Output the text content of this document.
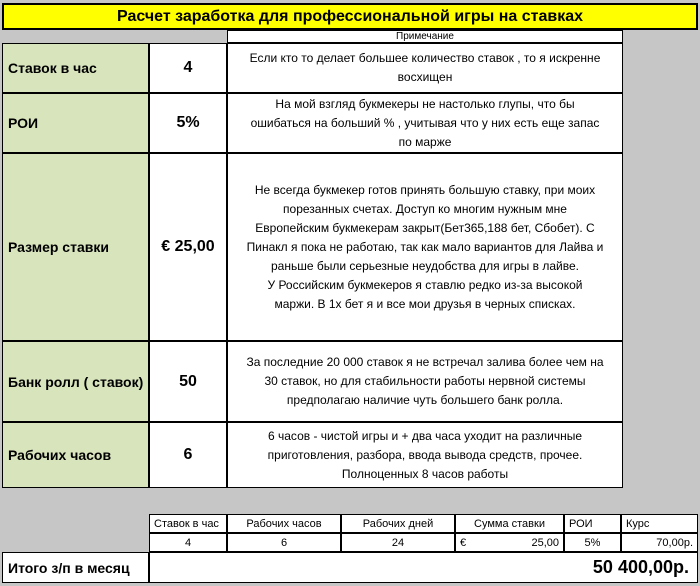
Расчет заработка для профессиональной игры на ставках
Примечание
Ставок в час	4
Если кто то делает большее количество ставок , то я искренне
восхищен
РОИ	5%
На мой взгляд букмекеры не настолько глупы, что бы
ошибаться на больший % , учитывая что у них есть еще запас
по марже
Размер ставки	€ 25,00
Не всегда букмекер готов принять большую ставку, при моих
порезанных счетах. Доступ ко многим нужным мне
Европейским букмекерам закрыт(Бет365,188 бет, Сбобет). С
Пинакл я пока не работаю, так как мало вариантов для Лайва и
раньше были серьезные неудобства для игры в лайве.
У Российским букмекеров я ставлю редко из-за высокой
маржи. В 1х бет я и все мои друзья в черных списках.
Банк ролл ( ставок)	50
За последние 20 000 ставок я не встречал залива более чем на
30 ставок, но для стабильности работы нервной системы
предполагаю наличие чуть большего банк ролла.
Рабочих часов	6
6 часов - чистой игры и + два часа уходит на различные
приготовления, разбора, ввода вывода средств, прочее.
Полноценных 8 часов работы
Ставок в час	Рабочих часов	Рабочих дней	Сумма ставки	РОИ	Курс
4	6	24	€	25,00	5%	70,00р.
Итого з/п в месяц	50 400,00р.
